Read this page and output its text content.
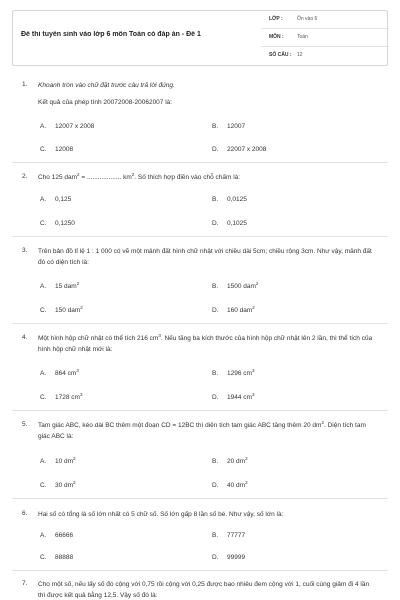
Đề thi tuyển sinh vào lớp 6 môn Toán có đáp án - Đề 1
LỚP :	Ôn vào 6
MÔN :	Toán
SỐ CÂU : 12
1. Khoanh tròn vào chữ đặt trước câu trả lời đúng.
Kết quả của phép tính 20072008-20062007 là:
A. 12007 x 2008	B. 12007
C. 12008	D. 22007 x 2008
2. Cho 125 dam$^2$ = ................... $km^2$. Số thích hợp điền vào chỗ chấm là:
A. 0,125	B. 0,0125
C. 0,1250	D. 0,1025
3. Trên bản đồ tỉ lệ 1 : 1 000 có vẽ một mảnh đất hình chữ nhật với chiều dài 5cm; chiều rộng 3cm. Như vậy, mảnh đất đó có diện tích là:
A. 15 dam$^2$	B. 1500 dam$^2$
C. 150 dam$^2$	D. 160 dam$^2$
4. Một hình hộp chữ nhật có thể tích 216 $cm^3$. Nếu tăng ba kích thước của hình hộp chữ nhật lên 2 lần, thì thể tích của hình hộp chữ nhật mới là:
A. 864 $cm^3$	B. 1296 $cm^3$
C. 1728 $cm^3$	D. 1944 $cm^3$
5. Tam giác ABC, kéo dài BC thêm một đoạn CD = 12BC thì diện tích tam giác ABC tăng thêm 20 $dm^2$. Diện tích tam giác ABC là:
A. 10 $dm^2$	B. 20 $dm^2$
C. 30 $dm^2$	D. 40 $dm^2$
6. Hai số có tổng là số lớn nhất có 5 chữ số. Số lớn gấp 8 lần số bé. Như vậy, số lớn là:
A. 66666	B. 77777
C. 88888	D. 99999
7. Cho một số, nếu lấy số đó cộng với 0,75 rồi cộng với 0,25 được bao nhiêu đem cộng với 1, cuối cùng giảm đi 4 lần thì được kết quả bằng 12,5. Vậy số đó là:
